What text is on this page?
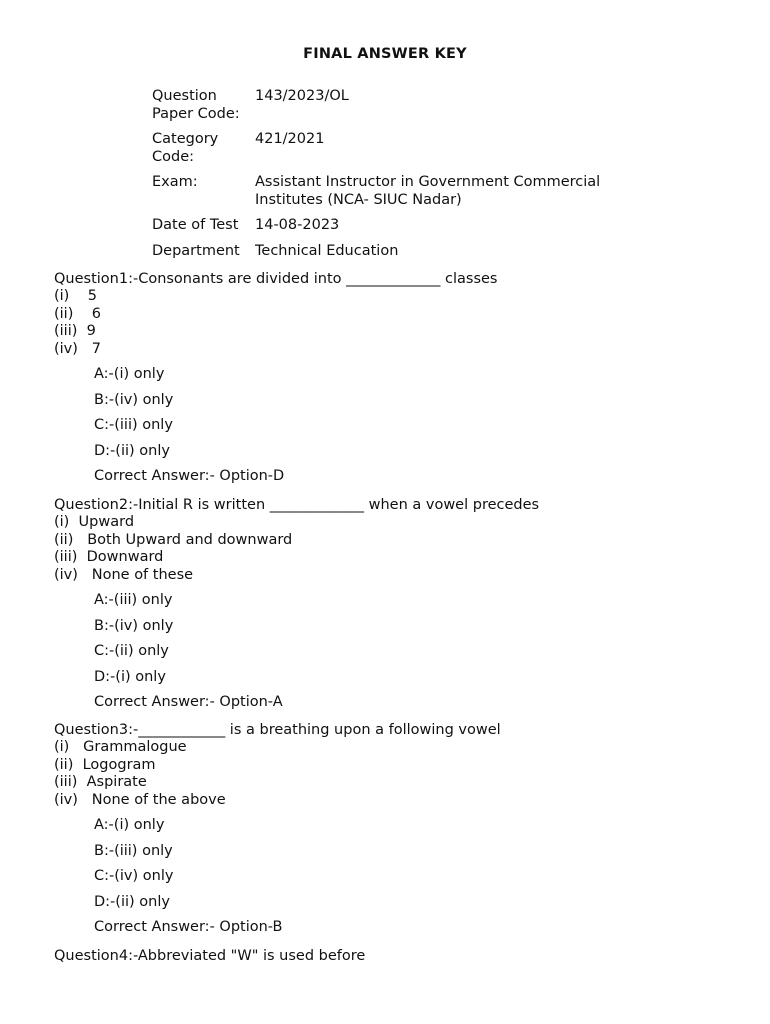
FINAL ANSWER KEY
Question Paper Code:	143/2023/OL
Category Code:	421/2021
Exam:	Assistant Instructor in Government Commercial Institutes (NCA- SIUC Nadar)
Date of Test	14-08-2023
Department	Technical Education
Question1:-Consonants are divided into _____________ classes
(i)    5
(ii)    6
(iii)  9
(iv)   7
A:-(i) only
B:-(iv) only
C:-(iii) only
D:-(ii) only
Correct Answer:- Option-D
Question2:-Initial R is written _____________ when a vowel precedes
(i)  Upward
(ii)   Both Upward and downward
(iii)  Downward
(iv)   None of these
A:-(iii) only
B:-(iv) only
C:-(ii) only
D:-(i) only
Correct Answer:- Option-A
Question3:-____________ is a breathing upon a following vowel
(i)   Grammalogue
(ii)  Logogram
(iii)  Aspirate
(iv)   None of the above
A:-(i) only
B:-(iii) only
C:-(iv) only
D:-(ii) only
Correct Answer:- Option-B
Question4:-Abbreviated "W" is used before
